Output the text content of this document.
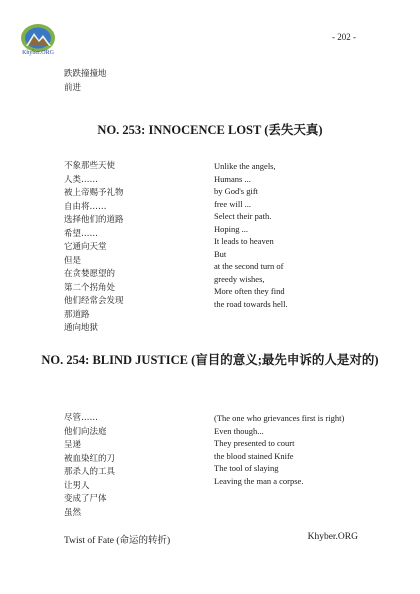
Khyber.ORG
- 202 -
跌跌撞撞地
前进
NO. 253: INNOCENCE LOST (丢失天真)
不象那些天使
人类……
被上帝赐予礼物
自由将……
选择他们的道路
希望……
它通向天堂
但是
在贪婪愿望的
第二个拐角处
他们经常会发现
那道路
通向地狱
Unlike the angels,
Humans ...
by God's gift
free will ...
Select their path.
Hoping ...
It leads to heaven
But
at the second turn of
greedy wishes,
More often they find
the road towards hell.
NO. 254: BLIND JUSTICE (盲目的意义;最先申诉的人是对的)
尽管……
他们向法庭
呈递
被血染红的刀
那杀人的工具
让男人
变成了尸体
虽然
(The one who grievances first is right)
Even though...
They presented to court
the blood stained Knife
The tool of slaying
Leaving the man a corpse.
Twist of Fate (命运的转折)	Khyber.ORG
